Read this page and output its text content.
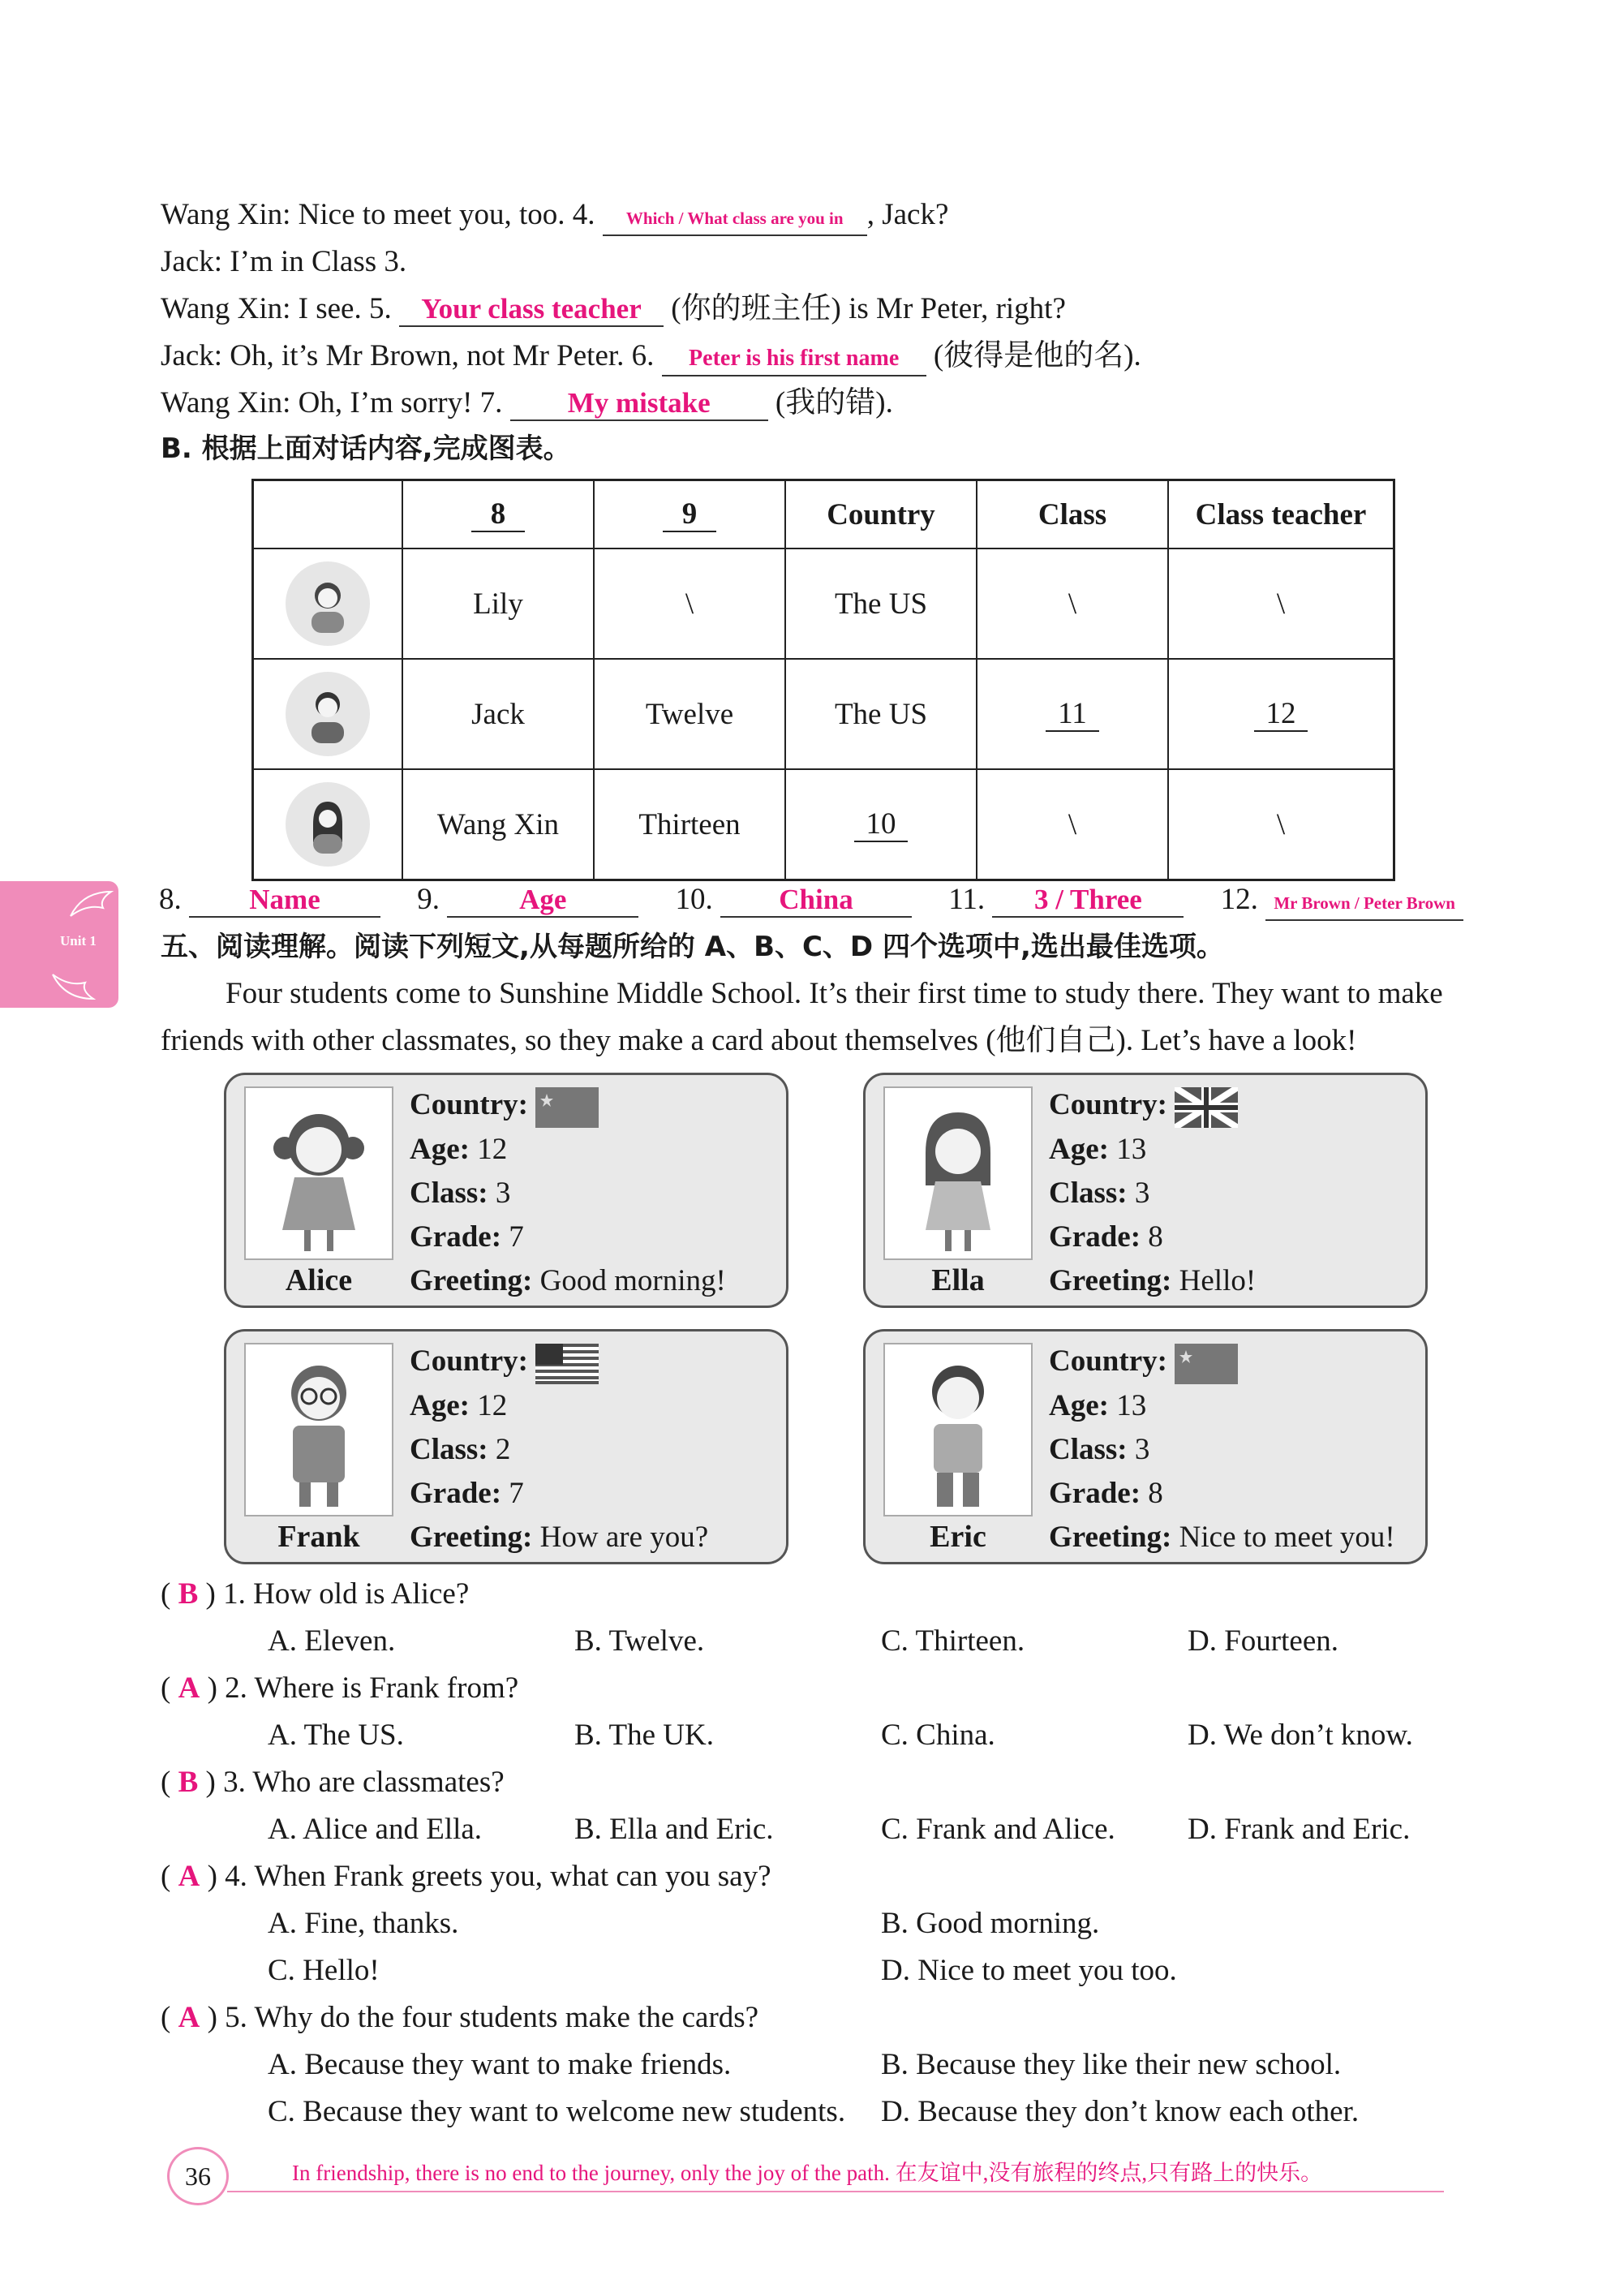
Wang Xin: Nice to meet you, too. 4. Which / What class are you in , Jack?
Jack: I’m in Class 3.
Wang Xin: I see. 5. Your class teacher (你的班主任) is Mr Peter, right?
Jack: Oh, it’s Mr Brown, not Mr Peter. 6. Peter is his first name (彼得是他的名).
Wang Xin: Oh, I’m sorry! 7. My mistake (我的错).
B. 根据上面对话内容,完成图表。
	8	9	Country	Class	Class teacher

	Lily	\	The US	\	\

	Jack	Twelve	The US	11	12

	Wang Xin	Thirteen	10	\	\
8. Name	9.	Age	10. China	11. 3 / Three	12. Mr Brown / Peter Brown
Unit 1 五、阅读理解。阅读下列短文,从每题所给的 A、B、C、D 四个选项中,选出最佳选项。
Four students come to Sunshine Middle School. It’s their first time to study there. They want to make
friends with other classmates, so they make a card about themselves (他们自己). Let’s have a look!
Alice
Country:
Age: 12
Class: 3
Grade: 7
Greeting: Good morning!	Ella
Country:
Age: 13
Class: 3
Grade: 8
Greeting: Hello!
Frank
Country:
Age: 12
Class: 2
Grade: 7
Greeting: How are you?	Eric
Country:
Age: 13
Class: 3
Grade: 8
Greeting: Nice to meet you!
( B ) 1. How old is Alice?
A. Eleven.	B. Twelve.	C. Thirteen.	D. Fourteen.
( A ) 2. Where is Frank from?
A. The US.	B. The UK.	C. China.	D. We don’t know.
( B ) 3. Who are classmates?
A. Alice and Ella.	B. Ella and Eric.	C. Frank and Alice. D. Frank and Eric.
( A ) 4. When Frank greets you, what can you say?
A. Fine, thanks.	B. Good morning.
C. Hello!	D. Nice to meet you too.
( A ) 5. Why do the four students make the cards?
A. Because they want to make friends.	B. Because they like their new school.
C. Because they want to welcome new students. D. Because they don’t know each other.
36	In friendship, there is no end to the journey, only the joy of the path. 在友谊中,没有旅程的终点,只有路上的快乐。
